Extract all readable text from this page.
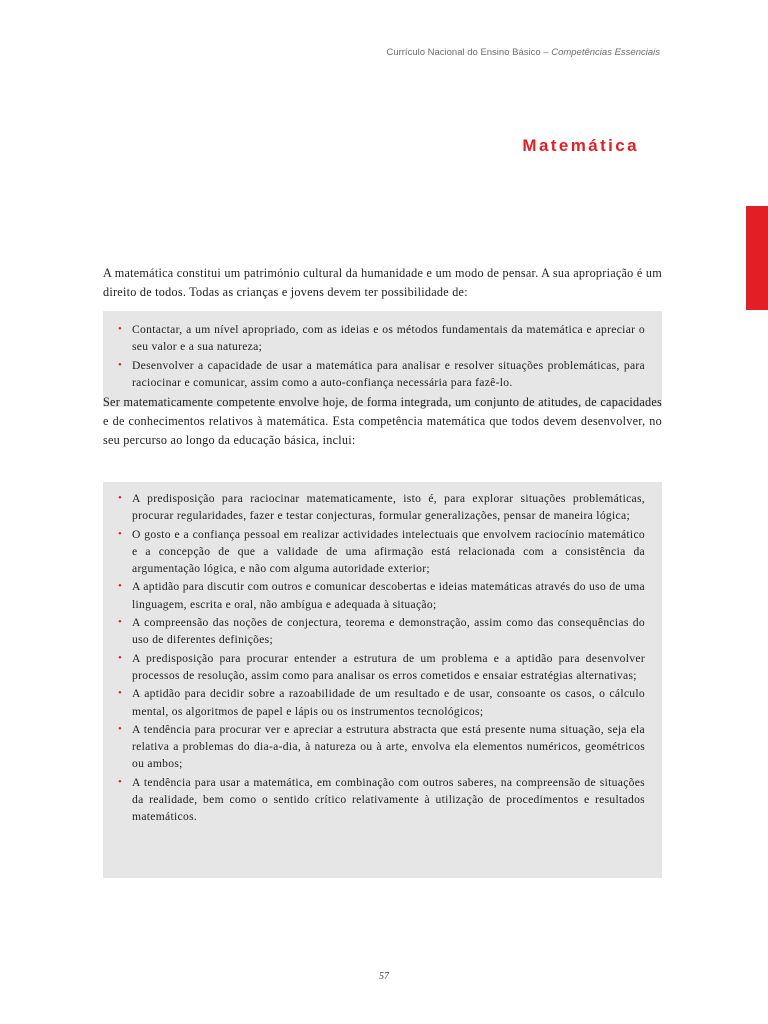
Currículo Nacional do Ensino Básico – Competências Essenciais
Matemática

A matemática constitui um património cultural da humanidade e um modo de pensar. A sua apropriação é um direito de todos. Todas as crianças e jovens devem ter possibilidade de:

• Contactar, a um nível apropriado, com as ideias e os métodos fundamentais da matemática e apreciar o seu valor e a sua natureza;
• Desenvolver a capacidade de usar a matemática para analisar e resolver situações problemáticas, para raciocinar e comunicar, assim como a auto-confiança necessária para fazê-lo.

Ser matematicamente competente envolve hoje, de forma integrada, um conjunto de atitudes, de capacidades e de conhecimentos relativos à matemática. Esta competência matemática que todos devem desenvolver, no seu percurso ao longo da educação básica, inclui:

• A predisposição para raciocinar matematicamente, isto é, para explorar situações problemáticas, procurar regularidades, fazer e testar conjecturas, formular generalizações, pensar de maneira lógica;
• O gosto e a confiança pessoal em realizar actividades intelectuais que envolvem raciocínio matemático e a concepção de que a validade de uma afirmação está relacionada com a consistência da argumentação lógica, e não com alguma autoridade exterior;
• A aptidão para discutir com outros e comunicar descobertas e ideias matemáticas através do uso de uma linguagem, escrita e oral, não ambígua e adequada à situação;
• A compreensão das noções de conjectura, teorema e demonstração, assim como das consequências do uso de diferentes definições;
• A predisposição para procurar entender a estrutura de um problema e a aptidão para desenvolver processos de resolução, assim como para analisar os erros cometidos e ensaiar estratégias alternativas;
• A aptidão para decidir sobre a razoabilidade de um resultado e de usar, consoante os casos, o cálculo mental, os algoritmos de papel e lápis ou os instrumentos tecnológicos;
• A tendência para procurar ver e apreciar a estrutura abstracta que está presente numa situação, seja ela relativa a problemas do dia-a-dia, à natureza ou à arte, envolva ela elementos numéricos, geométricos ou ambos;
• A tendência para usar a matemática, em combinação com outros saberes, na compreensão de situações da realidade, bem como o sentido crítico relativamente à utilização de procedimentos e resultados matemáticos.
57
